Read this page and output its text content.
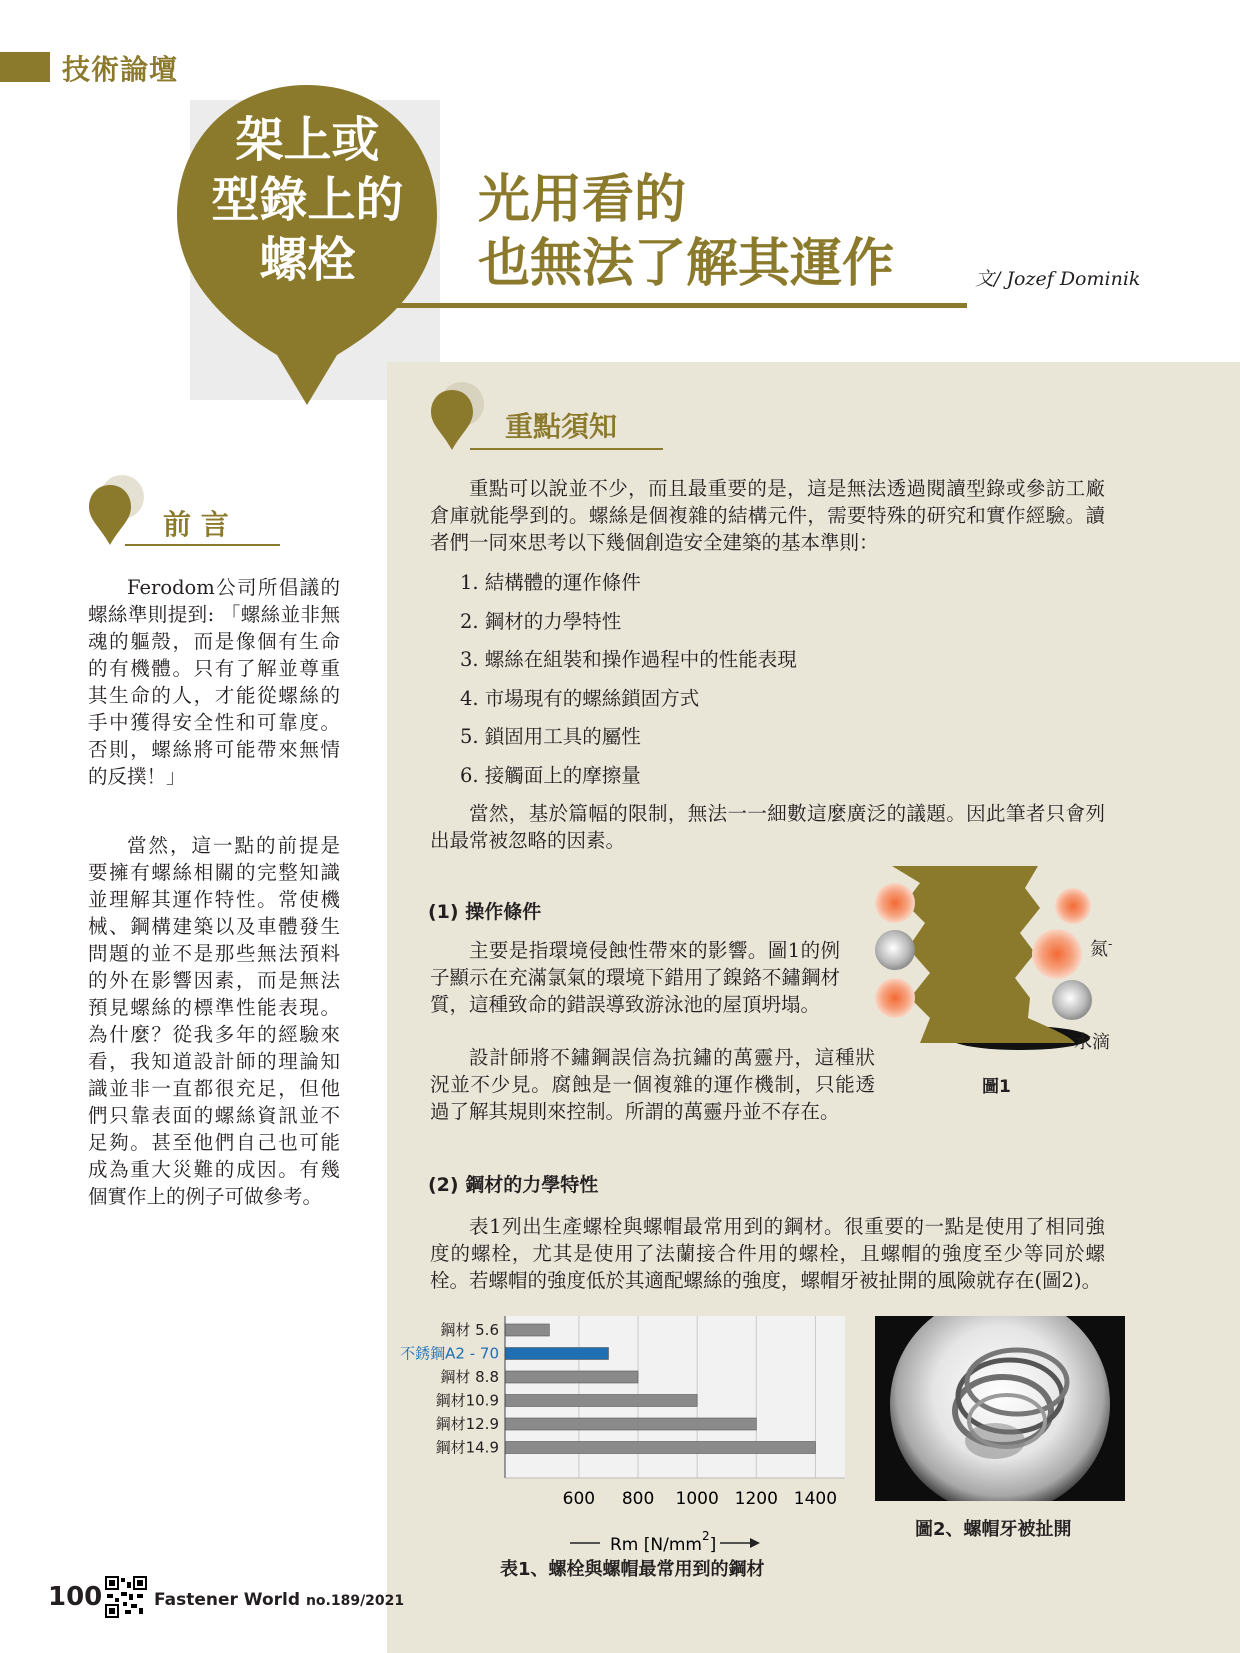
技術論壇
架上或
型錄上的
螺栓
光用看的
也無法了解其運作	文/ Jozef Dominik
重點須知
前 言

Ferodom公司所倡議的螺絲準則提到: 「螺絲並非無魂的軀殼，而是像個有生命的有機體。只有了解並尊重其生命的人，才能從螺絲的手中獲得安全性和可靠度。否則，螺絲將可能帶來無情的反撲！」

當然，這一點的前提是要擁有螺絲相關的完整知識並理解其運作特性。常使機械、鋼構建築以及車體發生問題的並不是那些無法預料的外在影響因素，而是無法預見螺絲的標準性能表現。為什麼？從我多年的經驗來看，我知道設計師的理論知識並非一直都很充足，但他們只靠表面的螺絲資訊並不足夠。甚至他們自己也可能成為重大災難的成因。有幾個實作上的例子可做參考。

重點可以說並不少，而且最重要的是，這是無法透過閱讀型錄或參訪工廠倉庫就能學到的。螺絲是個複雜的結構元件，需要特殊的研究和實作經驗。讀者們一同來思考以下幾個創造安全建築的基本準則：

1. 結構體的運作條件
2. 鋼材的力學特性
3. 螺絲在組裝和操作過程中的性能表現
4. 市場現有的螺絲鎖固方式
5. 鎖固用工具的屬性
6. 接觸面上的摩擦量

當然，基於篇幅的限制，無法一一細數這麼廣泛的議題。因此筆者只會列出最常被忽略的因素。

(1) 操作條件

主要是指環境侵蝕性帶來的影響。圖1的例子顯示在充滿氯氣的環境下錯用了鎳鉻不鏽鋼材質，這種致命的錯誤導致游泳池的屋頂坍塌。

設計師將不鏽鋼誤信為抗鏽的萬靈丹，這種狀況並不少見。腐蝕是一個複雜的運作機制，只能透過了解其規則來控制。所謂的萬靈丹並不存在。

氮-
水滴
圖1
(2) 鋼材的力學特性

表1列出生產螺栓與螺帽最常用到的鋼材。很重要的一點是使用了相同強度的螺栓，尤其是使用了法蘭接合件用的螺栓，且螺帽的強度至少等同於螺栓。若螺帽的強度低於其適配螺絲的強度，螺帽牙被扯開的風險就存在(圖2)。

鋼材 5.6
不銹鋼A2 - 70
鋼材 8.8
鋼材10.9
鋼材12.9
鋼材14.9
600 800 1000 1200 1400
Rm $[N/mm^2]$
表1、螺栓與螺帽最常用到的鋼材
圖2、螺帽牙被扯開
100	Fastener World no.189/2021
